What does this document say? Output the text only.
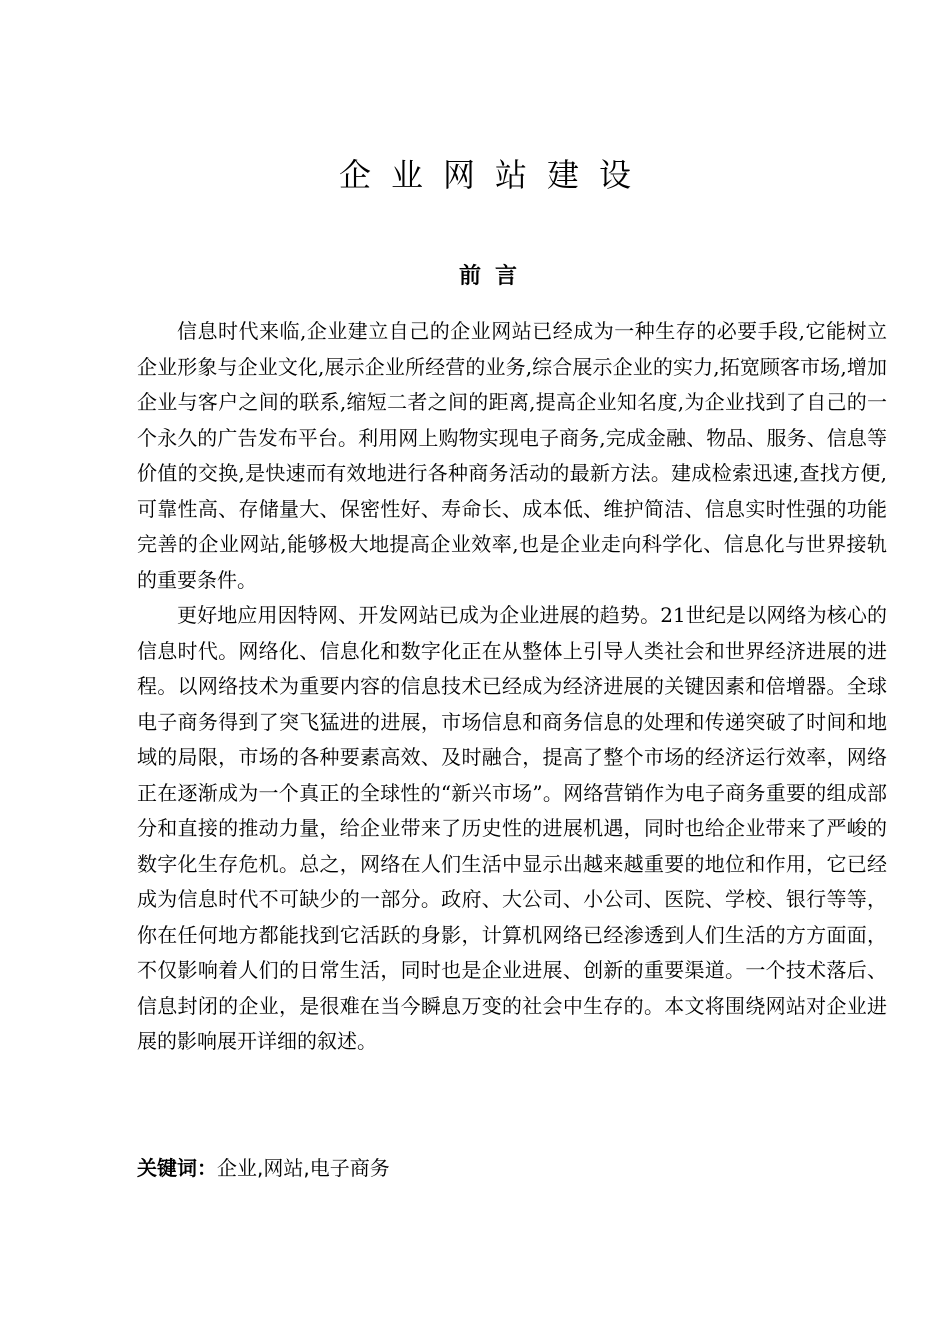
企业网站建设
前言

信息时代来临,企业建立自己的企业网站已经成为一种生存的必要手段,它能树立企业形象与企业文化,展示企业所经营的业务,综合展示企业的实力,拓宽顾客市场,增加企业与客户之间的联系,缩短二者之间的距离,提高企业知名度,为企业找到了自己的一个永久的广告发布平台。利用网上购物实现电子商务,完成金融、物品、服务、信息等价值的交换,是快速而有效地进行各种商务活动的最新方法。建成检索迅速,查找方便,可靠性高、存储量大、保密性好、寿命长、成本低、维护简洁、信息实时性强的功能完善的企业网站,能够极大地提高企业效率,也是企业走向科学化、信息化与世界接轨的重要条件。

更好地应用因特网、开发网站已成为企业进展的趋势。21世纪是以网络为核心的信息时代。网络化、信息化和数字化正在从整体上引导人类社会和世界经济进展的进程。以网络技术为重要内容的信息技术已经成为经济进展的关键因素和倍增器。全球电子商务得到了突飞猛进的进展，市场信息和商务信息的处理和传递突破了时间和地域的局限，市场的各种要素高效、及时融合，提高了整个市场的经济运行效率，网络正在逐渐成为一个真正的全球性的“新兴市场”。网络营销作为电子商务重要的组成部分和直接的推动力量，给企业带来了历史性的进展机遇，同时也给企业带来了严峻的数字化生存危机。总之，网络在人们生活中显示出越来越重要的地位和作用，它已经成为信息时代不可缺少的一部分。政府、大公司、小公司、医院、学校、银行等等，你在任何地方都能找到它活跃的身影，计算机网络已经渗透到人们生活的方方面面，不仅影响着人们的日常生活，同时也是企业进展、创新的重要渠道。一个技术落后、信息封闭的企业，是很难在当今瞬息万变的社会中生存的。本文将围绕网站对企业进展的影响展开详细的叙述。

关键词：企业,网站,电子商务
